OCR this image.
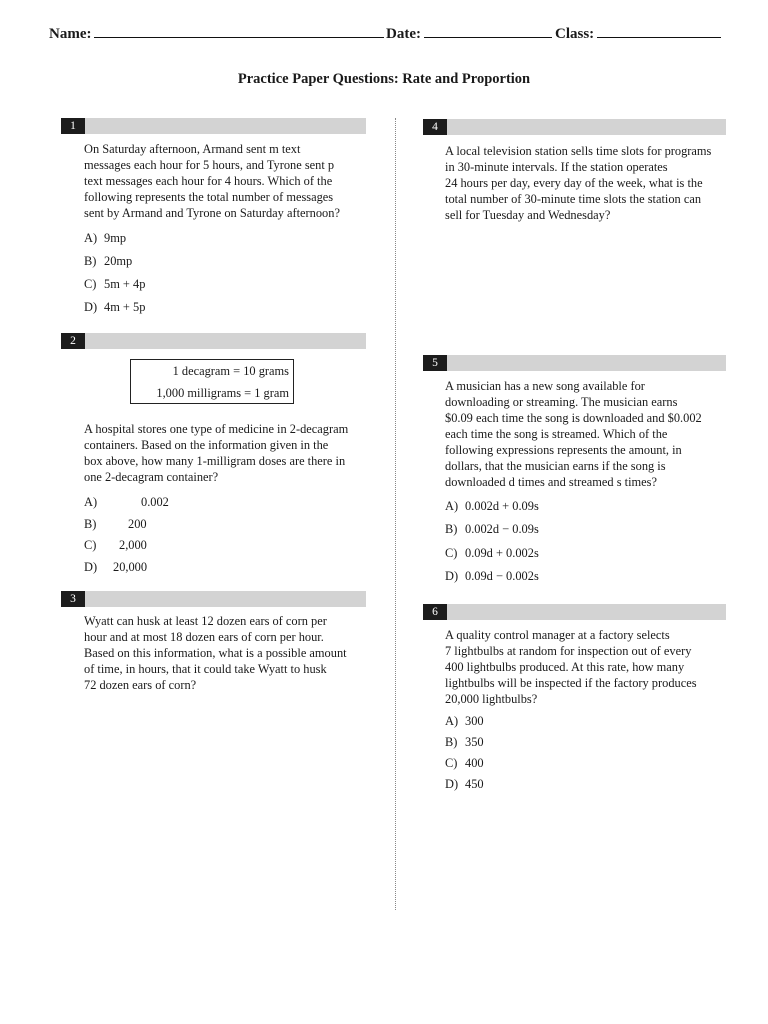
Name:	Date:	Class:
Practice Paper Questions: Rate and Proportion
1
On Saturday afternoon, Armand sent m text
messages each hour for 5 hours, and Tyrone sent p
text messages each hour for 4 hours. Which of the
following represents the total number of messages
sent by Armand and Tyrone on Saturday afternoon?
A) 9mp
B) 20mp
C) 5m + 4p
D) 4m + 5p
2
1 decagram = 10 grams
1,000 milligrams = 1 gram
A hospital stores one type of medicine in 2-decagram
containers. Based on the information given in the
box above, how many 1-milligram doses are there in
one 2-decagram container?
A)	0.002
B)	200
C) 2,000
D) 20,000
3
Wyatt can husk at least 12 dozen ears of corn per
hour and at most 18 dozen ears of corn per hour.
Based on this information, what is a possible amount
of time, in hours, that it could take Wyatt to husk
72 dozen ears of corn?
4
A local television station sells time slots for programs
in 30-minute intervals. If the station operates
24 hours per day, every day of the week, what is the
total number of 30-minute time slots the station can
sell for Tuesday and Wednesday?
5
A musician has a new song available for
downloading or streaming. The musician earns
$0.09 each time the song is downloaded and $0.002
each time the song is streamed. Which of the
following expressions represents the amount, in
dollars, that the musician earns if the song is
downloaded d times and streamed s times?
A) 0.002d + 0.09s
B) 0.002d − 0.09s
C) 0.09d + 0.002s
D) 0.09d − 0.002s
6
A quality control manager at a factory selects
7 lightbulbs at random for inspection out of every
400 lightbulbs produced. At this rate, how many
lightbulbs will be inspected if the factory produces
20,000 lightbulbs?
A) 300
B) 350
C) 400
D) 450
